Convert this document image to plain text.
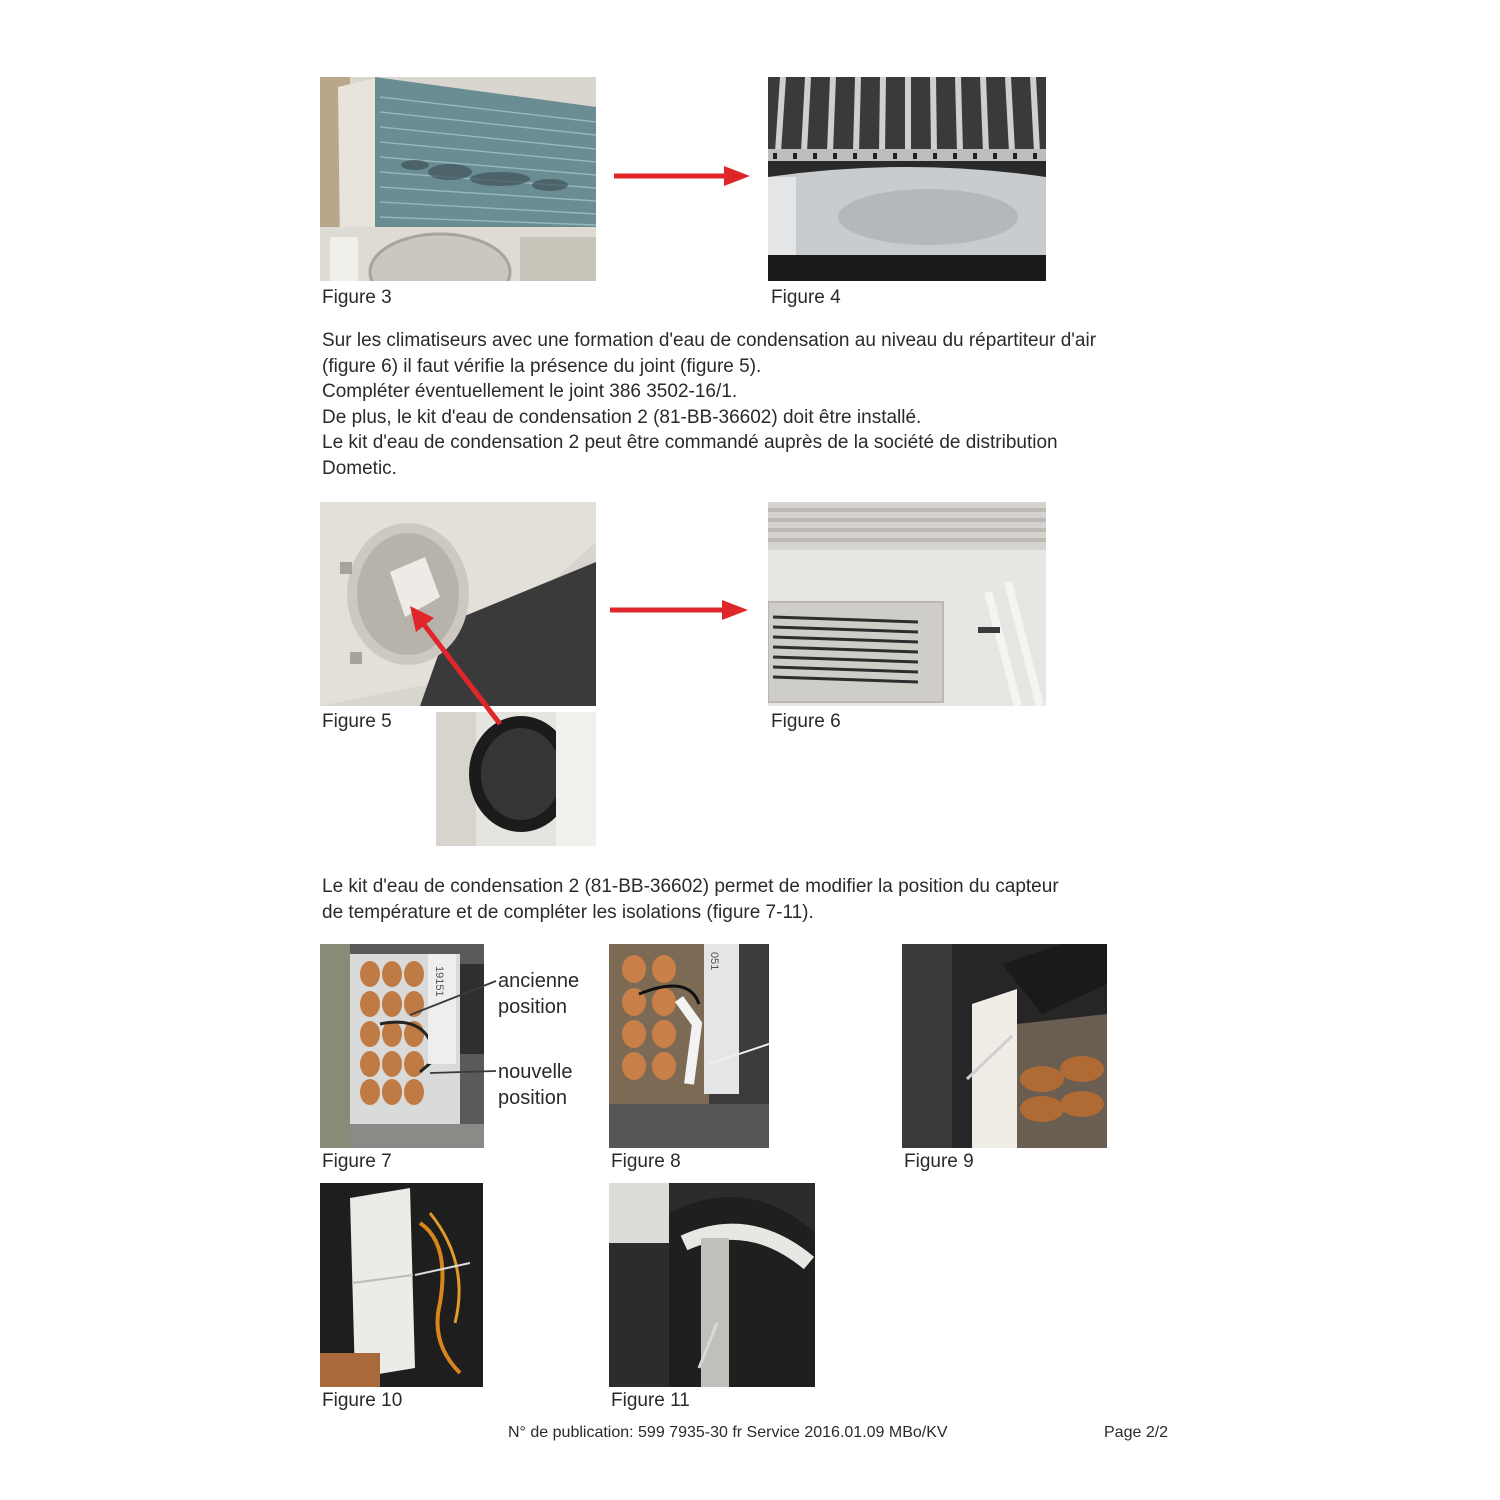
Figure 3	Figure 4
Sur les climatiseurs avec une formation d'eau de condensation au niveau du répartiteur d'air
(figure 6) il faut vérifie la présence du joint (figure 5).
Compléter éventuellement le joint 386 3502-16/1.
De plus, le kit d'eau de condensation 2 (81-BB-36602) doit être installé.
Le kit d'eau de condensation 2 peut être commandé auprès de la société de distribution
Dometic.
Figure 5	Figure 6
Le kit d'eau de condensation 2 (81-BB-36602) permet de modifier la position du capteur
de température et de compléter les isolations (figure 7-11).
19151	ancienne
position
nouvelle
position
051
Figure 7	Figure 8	Figure 9
Figure 10	Figure 11
N° de publication: 599 7935-30 fr Service 2016.01.09 MBo/KV	Page 2/2
